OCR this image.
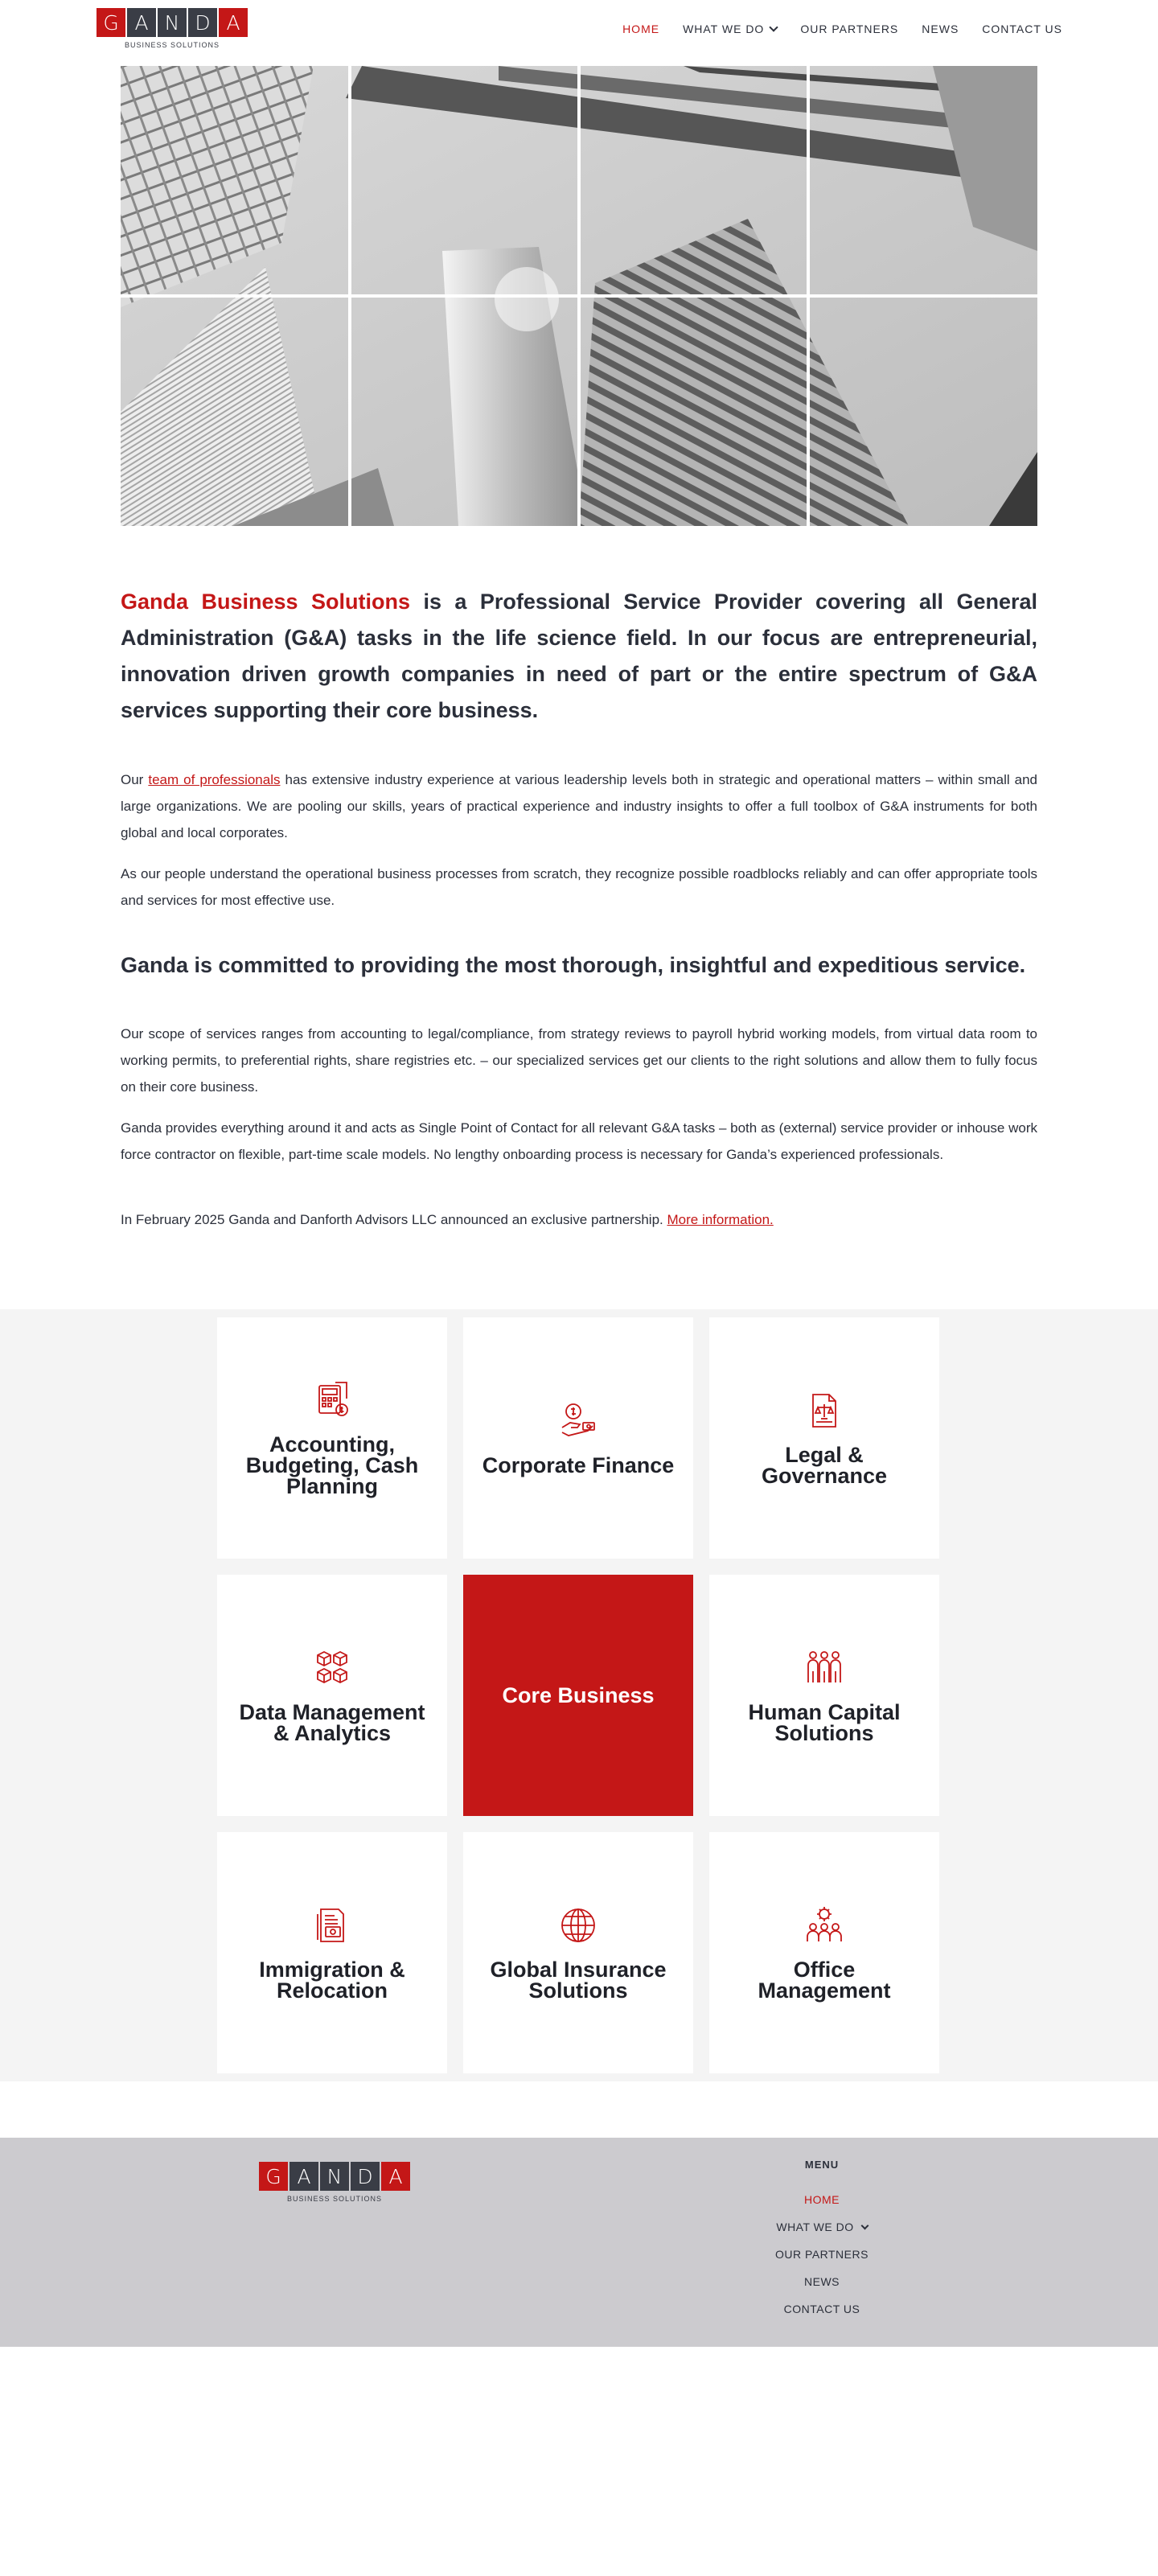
G A N D A
BUSINESS SOLUTIONS
HOME WHAT WE DO	OUR PARTNERS NEWS CONTACT US

Ganda Business Solutions is a Professional Service Provider covering all General Administration (G&A) tasks in the life science field. In our focus are entrepreneurial, innovation driven growth companies in need of part or the entire spectrum of G&A services supporting their core business.

Our team of professionals has extensive industry experience at various leadership levels both in strategic and operational matters – within small and large organizations. We are pooling our skills, years of practical experience and industry insights to offer a full toolbox of G&A instruments for both global and local corporates.

As our people understand the operational business processes from scratch, they recognize possible roadblocks reliably and can offer appropriate tools and services for most effective use.

Ganda is committed to providing the most thorough, insightful and expeditious service.

Our scope of services ranges from accounting to legal/compliance, from strategy reviews to payroll hybrid working models, from virtual data room to working permits, to preferential rights, share registries etc. – our specialized services get our clients to the right solutions and allow them to fully focus on their core business.

Ganda provides everything around it and acts as Single Point of Contact for all relevant G&A tasks – both as (external) service provider or inhouse work force contractor on flexible, part-time scale models. No lengthy onboarding process is necessary for Ganda’s experienced professionals.

In February 2025 Ganda and Danforth Advisors LLC announced an exclusive partnership. More information.

Accounting, Budgeting, Cash Planning
Corporate Finance	Legal & Governance
Data Management & Analytics
Core Business
Human Capital Solutions
Immigration & Relocation
Global Insurance Solutions
Office Management
G A N D A
BUSINESS SOLUTIONS
MENU
HOME
WHAT WE DO
OUR PARTNERS
NEWS
CONTACT US
